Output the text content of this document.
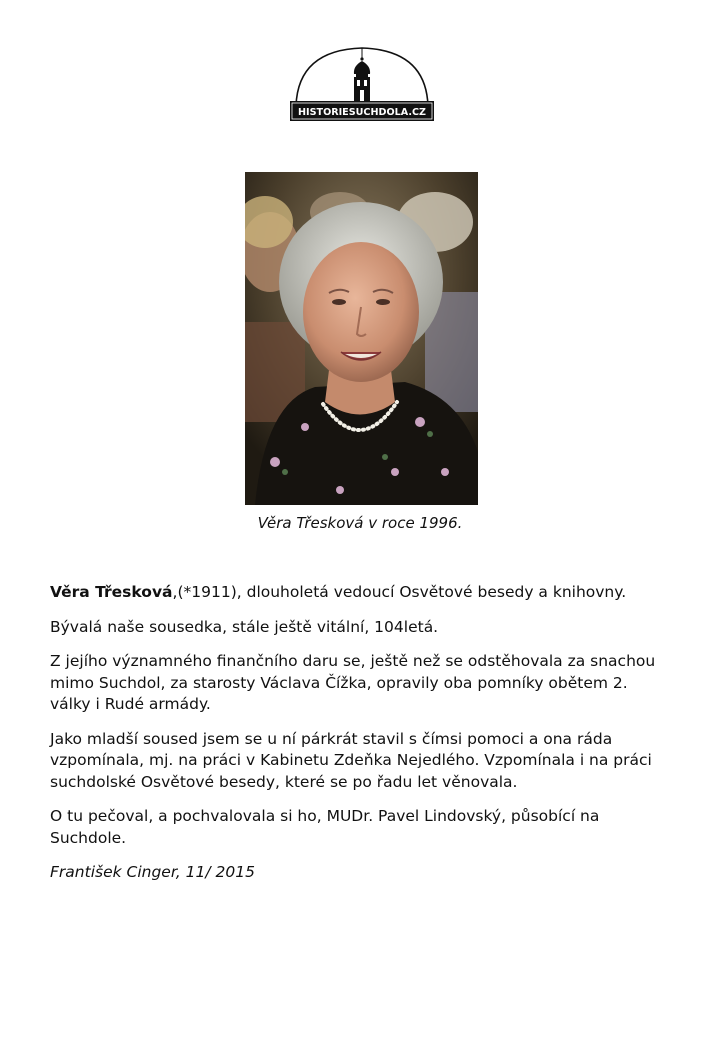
HISTORIESUCHDOLA.CZ
Věra Třesková v roce 1996.

Věra Třesková,(*1911), dlouholetá vedoucí Osvětové besedy a knihovny.

Bývalá naše sousedka, stále ještě vitální, 104letá.

Z jejího významného finančního daru se, ještě než se odstěhovala za snachou mimo Suchdol, za starosty Václava Čížka, opravily oba pomníky obětem 2. války i Rudé armády.

Jako mladší soused jsem se u ní párkrát stavil s čímsi pomoci a ona ráda vzpomínala, mj. na práci v Kabinetu Zdeňka Nejedlého. Vzpomínala i na práci suchdolské Osvětové besedy, které se po řadu let věnovala.

O tu pečoval, a pochvalovala si ho, MUDr. Pavel Lindovský, působící na Suchdole.

František Cinger, 11/ 2015
